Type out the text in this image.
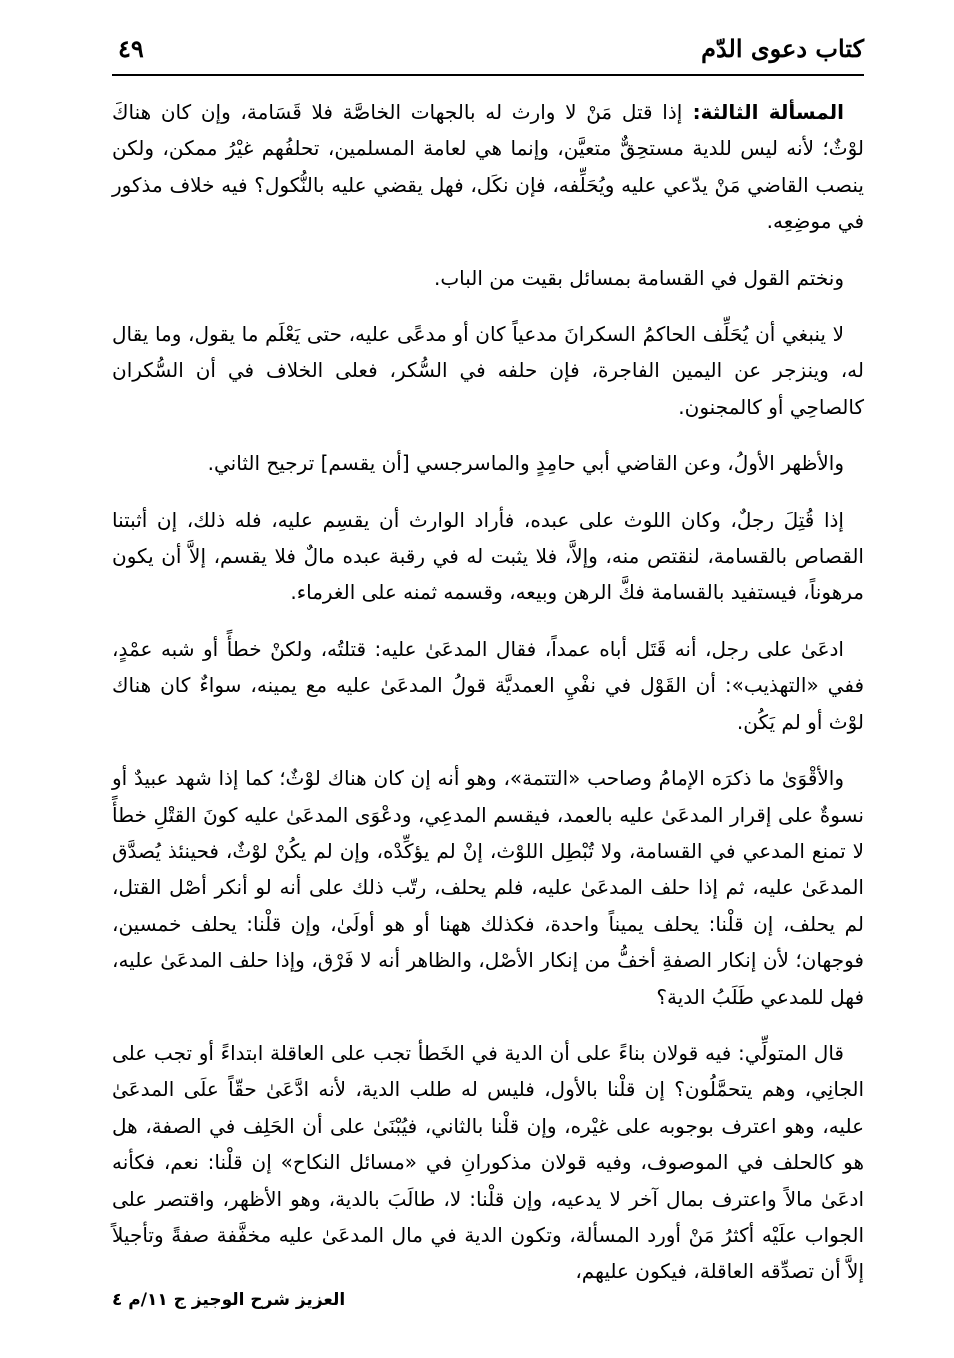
كتاب دعوى الدّم
٤٩

المسألة الثالثة: إذا قتل مَنْ لا وارث له بالجهات الخاصَّة فلا قَسَامة، وإن كان هناكَ لوْثٌ؛ لأنه ليس للدية مستحِقٌّ متعيَّن، وإنما هي لعامة المسلمين، تحلفُهم غيْرُ ممكن، ولكن ينصب القاضي مَنْ يدّعي عليه ويُحَلِّفه، فإن نكَل، فهل يقضي عليه بالنُّكول؟ فيه خلاف مذكور في موضِعِه.

ونختم القول في القسامة بمسائل بقيت من الباب.

لا ينبغي أن يُحَلِّف الحاكمُ السكرانَ مدعياً كان أو مدعًى عليه، حتى يَعْلَم ما يقول، وما يقال له، وينزجر عن اليمين الفاجرة، فإن حلفه في السُّكر، فعلى الخلاف في أن السُّكران كالصاحِي أو كالمجنون.

والأظهر الأولُ، وعن القاضي أبي حامِدٍ والماسرجسي [أن يقسم] ترجيح الثاني.

إذا قُتِلَ رجلٌ، وكان اللوث على عبده، فأراد الوارث أن يقسِم عليه، فله ذلك، إن أثبتنا القصاص بالقسامة، لنقتص منه، وإلاَّ، فلا يثبت له في رقبة عبده مالٌ فلا يقسم، إلاَّ أن يكون مرهوناً، فيستفيد بالقسامة فكَّ الرهن وبيعه، وقسمه ثمنه على الغرماء.

ادعَىٰ على رجل، أنه قَتَل أباه عمداً، فقال المدعَىٰ عليه: قتلتُه، ولكنْ خطأً أو شبه عمْدٍ، ففي «التهذيب»: أن القَوْل في نفْيِ العمديَّة قولُ المدعَىٰ عليه مع يمينه، سواءٌ كان هناك لوْث أو لم يَكُن.

والأقْوَىٰ ما ذكرَه الإمامُ وصاحب «التتمة»، وهو أنه إن كان هناك لوْثٌ؛ كما إذا شهد عبيدٌ أو نسوةٌ على إقرار المدعَىٰ عليه بالعمد، فيقسم المدعِي، ودعْوَى المدعَىٰ عليه كونَ القتْلِ خطأً لا تمنع المدعي في القسامة، ولا تُبْطِل اللوْث، إنْ لم يؤكِّدْه، وإن لم يكُنْ لوْثٌ، فحينئذ يُصدَّق المدعَىٰ عليه، ثم إذا حلف المدعَىٰ عليه، فلم يحلف، رتّب ذلك على أنه لو أنكر أصْل القتل، لم يحلف، إن قلْنا: يحلف يميناً واحدة، فكذلك ههنا أو هو أولَىٰ، وإن قلْنا: يحلف خمسين، فوجهان؛ لأن إنكار الصفةِ أخفُّ من إنكار الأصْل، والظاهر أنه لا فَرْق، وإذا حلف المدعَىٰ عليه، فهل للمدعي طَلَبُ الدية؟

قال المتولِّي: فيه قولان بناءً على أن الدية في الخَطأ تجب على العاقلة ابتداءً أو تجب على الجانِي، وهم يتحمَّلُون؟ إن قلْنا بالأول، فليس له طلب الدية، لأنه ادَّعَىٰ حقّاً علَى المدعَىٰ عليه، وهو اعترف بوجوبه على غيْره، وإن قلْنا بالثاني، فيُبْنَىٰ على أن الحَلِف في الصفة، هل هو كالحلف في الموصوف، وفيه قولان مذكورانِ في «مسائل النكاح» إن قلْنا: نعم، فكأنه ادعَىٰ مالاً واعترف بمال آخر لا يدعيه، وإن قلْنا: لا، طالَبَ بالدية، وهو الأظهر، واقتصر على الجواب علَيْه أكثرُ مَنْ أورد المسألة، وتكون الدية في مال المدعَىٰ عليه مخفَّفة صفةً وتأجيلاً إلاَّ أن تصدِّقه العاقلة، فيكون عليهم،

العزيز شرح الوجيز ج ١١/م ٤
